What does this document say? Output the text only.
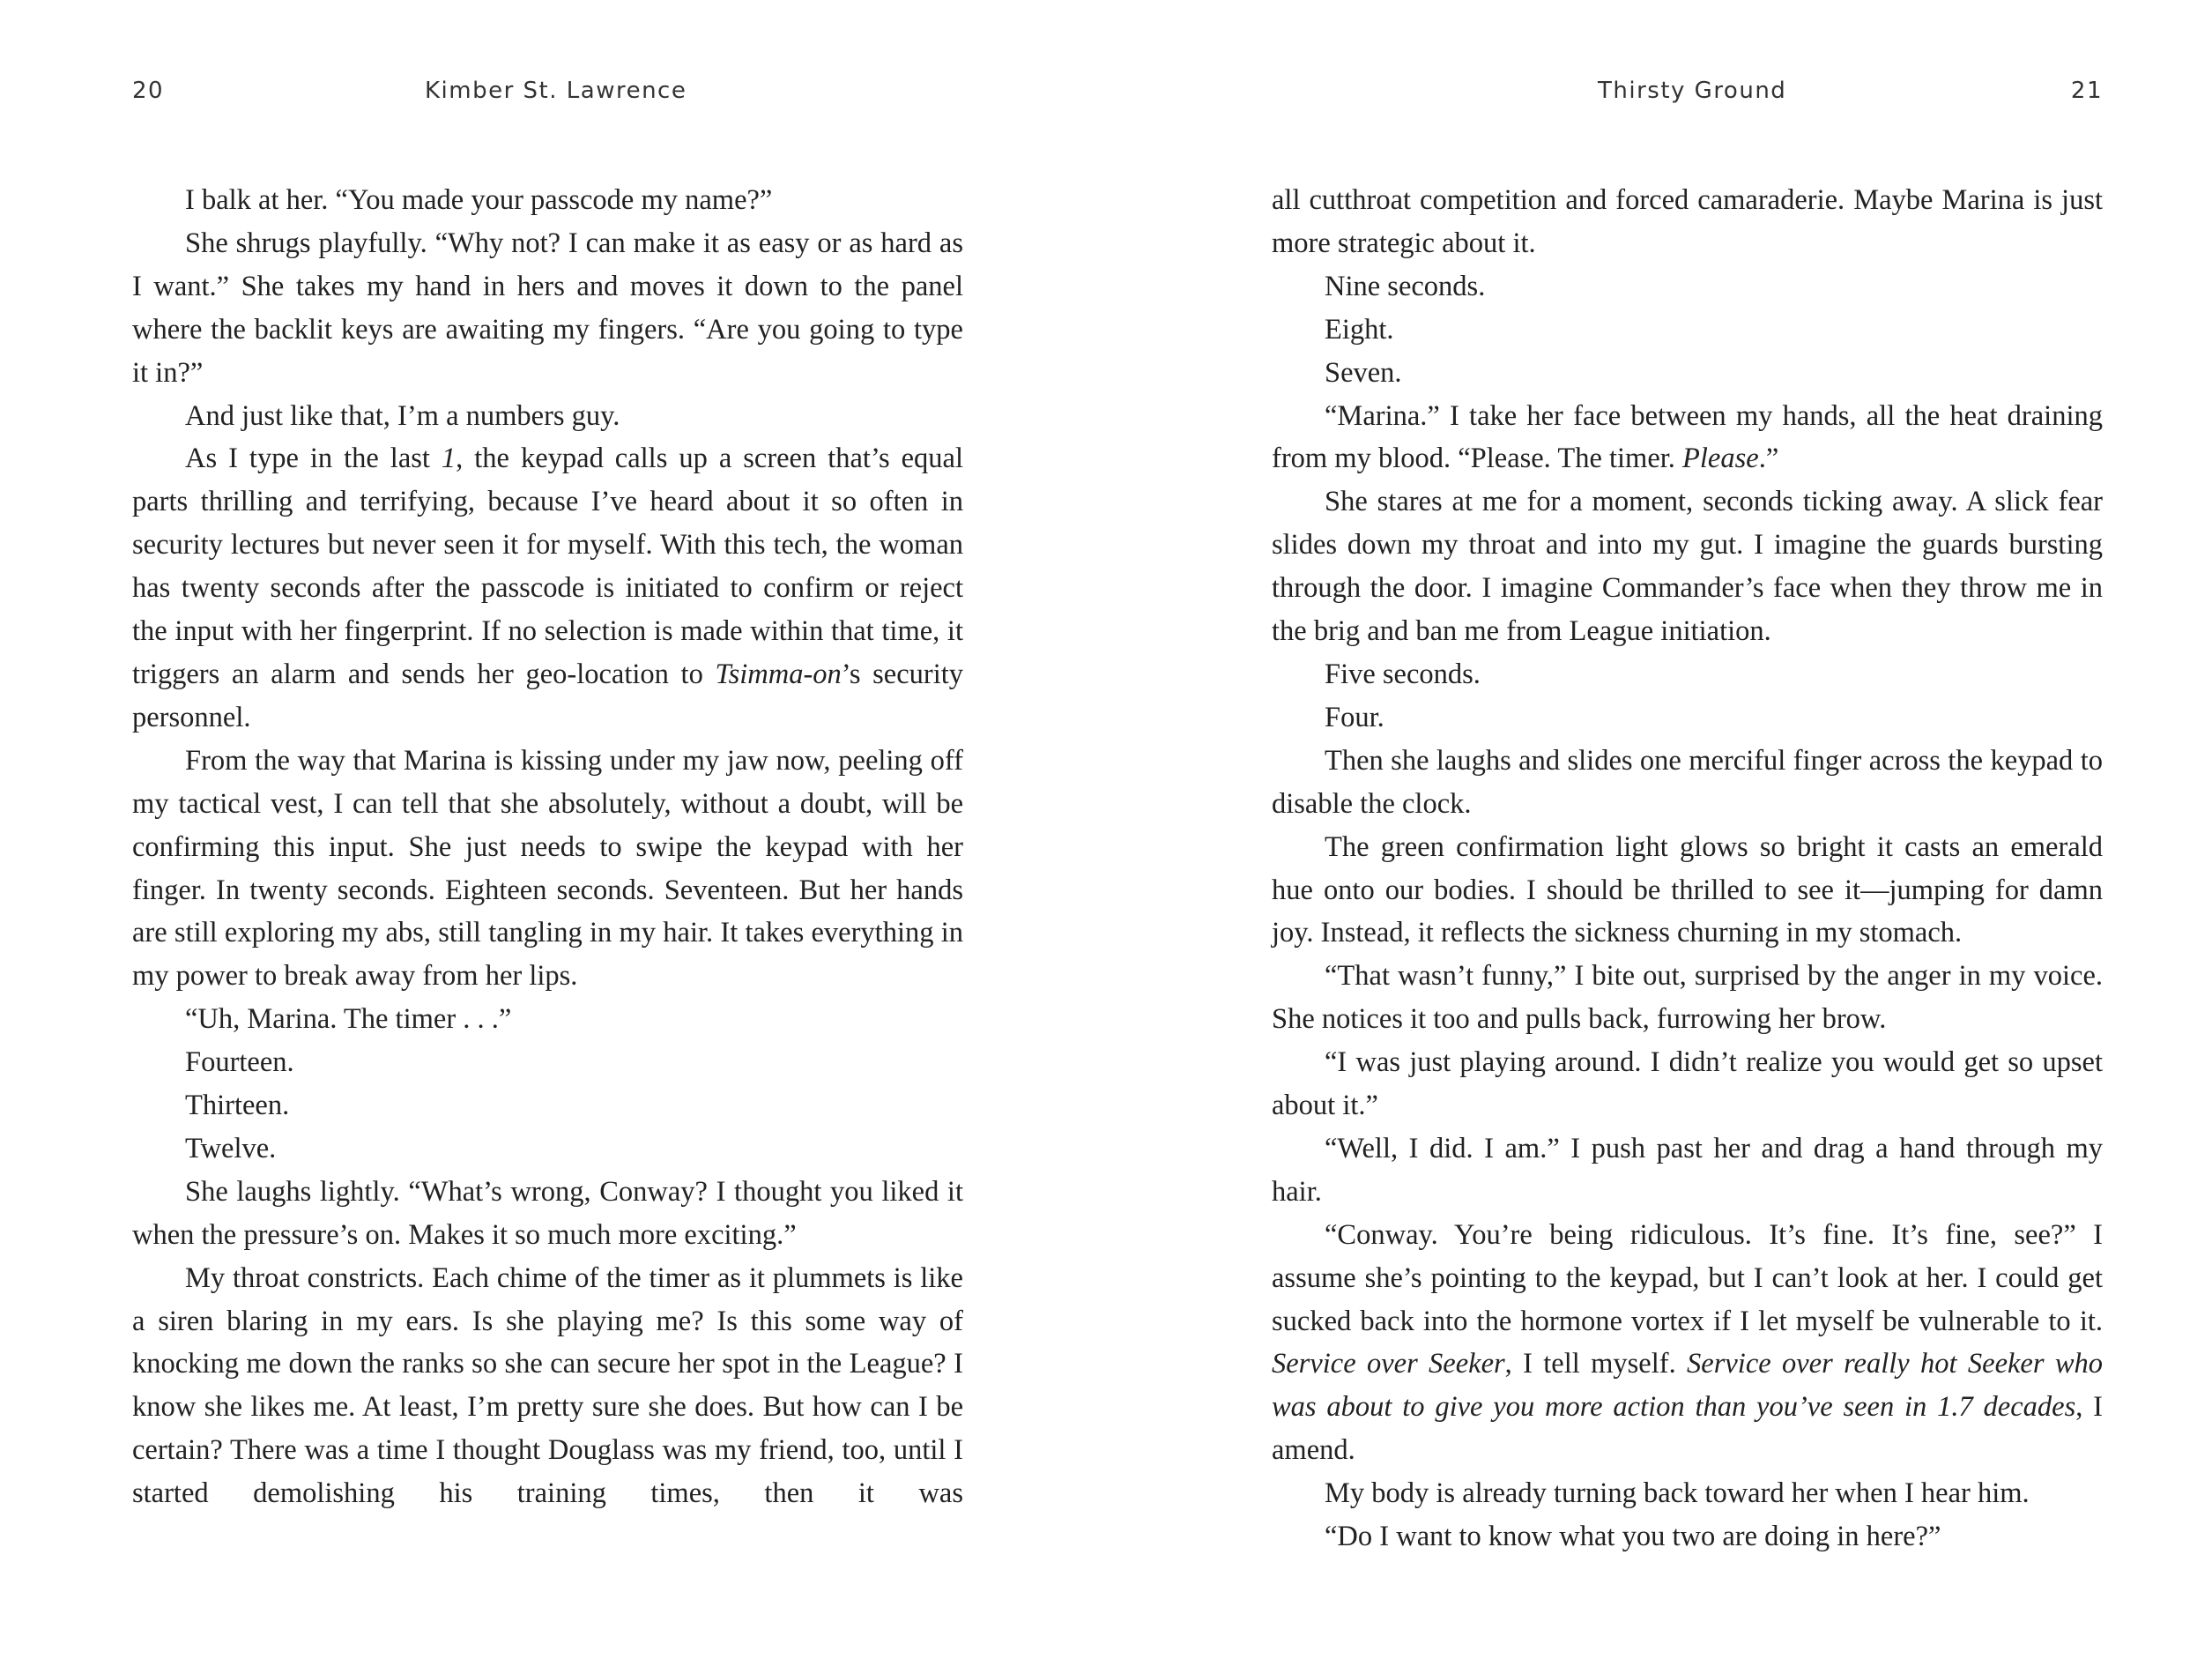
20	Kimber St. Lawrence

I balk at her. “You made your passcode my name?”

She shrugs playfully. “Why not? I can make it as easy or as hard as I want.” She takes my hand in hers and moves it down to the panel where the backlit keys are awaiting my fingers. “Are you going to type it in?”

And just like that, I’m a numbers guy.

As I type in the last 1, the keypad calls up a screen that’s equal parts thrilling and terrifying, because I’ve heard about it so often in security lectures but never seen it for myself. With this tech, the woman has twenty seconds after the passcode is initiated to confirm or reject the input with her fingerprint. If no selection is made within that time, it triggers an alarm and sends her geo-location to Tsimma-on’s security personnel.

From the way that Marina is kissing under my jaw now, peeling off my tactical vest, I can tell that she absolutely, without a doubt, will be confirming this input. She just needs to swipe the keypad with her finger. In twenty seconds. Eighteen seconds. Seventeen. But her hands are still exploring my abs, still tangling in my hair. It takes everything in my power to break away from her lips.

“Uh, Marina. The timer . . .”

Fourteen.

Thirteen.

Twelve.

She laughs lightly. “What’s wrong, Conway? I thought you liked it when the pressure’s on. Makes it so much more exciting.”

My throat constricts. Each chime of the timer as it plummets is like a siren blaring in my ears. Is she playing me? Is this some way of knocking me down the ranks so she can secure her spot in the League? I know she likes me. At least, I’m pretty sure she does. But how can I be certain? There was a time I thought Douglass was my friend, too, until I started demolishing his training times, then it was

Thirsty Ground	21

all cutthroat competition and forced camaraderie. Maybe Marina is just more strategic about it.

Nine seconds.

Eight.

Seven.

“Marina.” I take her face between my hands, all the heat draining from my blood. “Please. The timer. Please.”

She stares at me for a moment, seconds ticking away. A slick fear slides down my throat and into my gut. I imagine the guards bursting through the door. I imagine Commander’s face when they throw me in the brig and ban me from League initiation.

Five seconds.

Four.

Then she laughs and slides one merciful finger across the keypad to disable the clock.

The green confirmation light glows so bright it casts an emerald hue onto our bodies. I should be thrilled to see it—jumping for damn joy. Instead, it reflects the sickness churning in my stomach.

“That wasn’t funny,” I bite out, surprised by the anger in my voice. She notices it too and pulls back, furrowing her brow.

“I was just playing around. I didn’t realize you would get so upset about it.”

“Well, I did. I am.” I push past her and drag a hand through my hair.

“Conway. You’re being ridiculous. It’s fine. It’s fine, see?” I assume she’s pointing to the keypad, but I can’t look at her. I could get sucked back into the hormone vortex if I let myself be vulnerable to it. Service over Seeker, I tell myself. Service over really hot Seeker who was about to give you more action than you’ve seen in 1.7 decades, I amend.

My body is already turning back toward her when I hear him.

“Do I want to know what you two are doing in here?”
